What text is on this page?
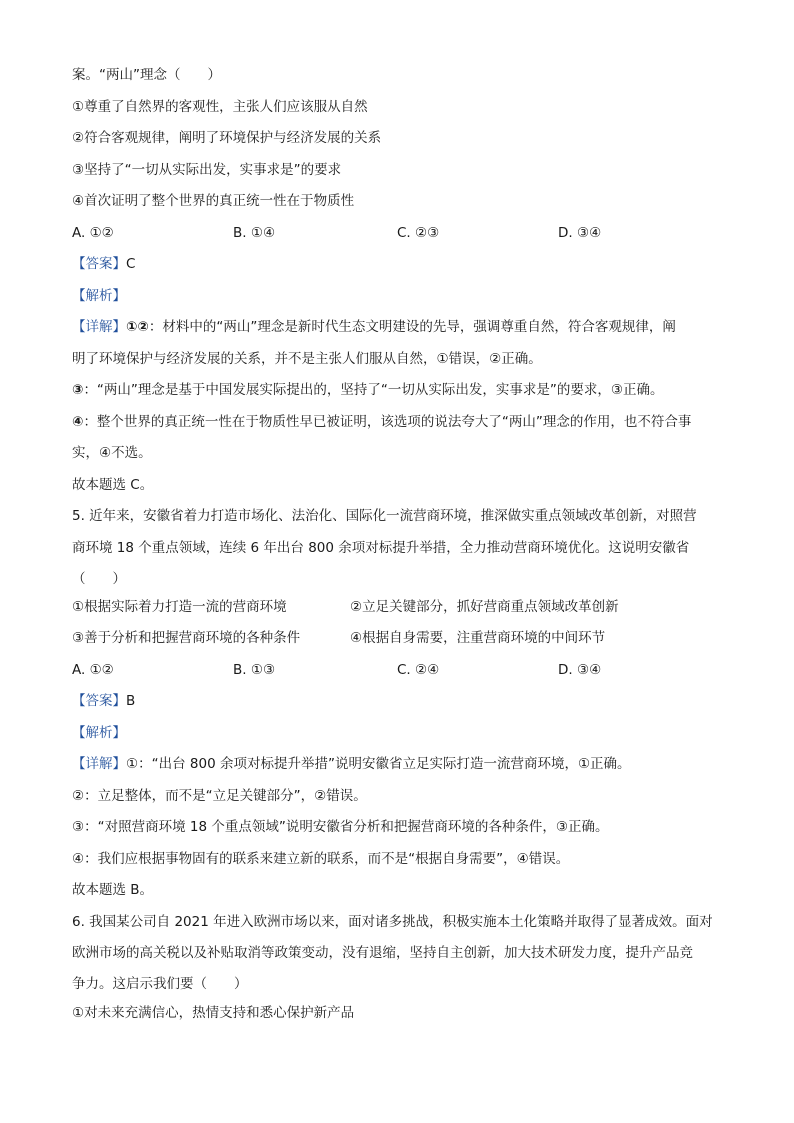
案。“两山”理念（　　）
①尊重了自然界的客观性，主张人们应该服从自然
②符合客观规律，阐明了环境保护与经济发展的关系
③坚持了“一切从实际出发，实事求是”的要求
④首次证明了整个世界的真正统一性在于物质性
A. ①②	B. ①④	C. ②③	D. ③④
【答案】C
【解析】
【详解】①②：材料中的“两山”理念是新时代生态文明建设的先导，强调尊重自然，符合客观规律，阐
明了环境保护与经济发展的关系，并不是主张人们服从自然，①错误，②正确。
③：“两山”理念是基于中国发展实际提出的，坚持了“一切从实际出发，实事求是”的要求，③正确。
④：整个世界的真正统一性在于物质性早已被证明，该选项的说法夸大了“两山”理念的作用，也不符合事
实，④不选。
故本题选 C。
5. 近年来，安徽省着力打造市场化、法治化、国际化一流营商环境，推深做实重点领域改革创新，对照营
商环境 18 个重点领域，连续 6 年出台 800 余项对标提升举措，全力推动营商环境优化。这说明安徽省
（　　）
①根据实际着力打造一流的营商环境	②立足关键部分，抓好营商重点领域改革创新
③善于分析和把握营商环境的各种条件	④根据自身需要，注重营商环境的中间环节
A. ①②	B. ①③	C. ②④	D. ③④
【答案】B
【解析】
【详解】①：“出台 800 余项对标提升举措”说明安徽省立足实际打造一流营商环境，①正确。
②：立足整体，而不是“立足关键部分”，②错误。
③：“对照营商环境 18 个重点领域”说明安徽省分析和把握营商环境的各种条件，③正确。
④：我们应根据事物固有的联系来建立新的联系，而不是“根据自身需要”，④错误。
故本题选 B。
6. 我国某公司自 2021 年进入欧洲市场以来，面对诸多挑战，积极实施本土化策略并取得了显著成效。面对
欧洲市场的高关税以及补贴取消等政策变动，没有退缩，坚持自主创新，加大技术研发力度，提升产品竞
争力。这启示我们要（　　）
①对未来充满信心，热情支持和悉心保护新产品
